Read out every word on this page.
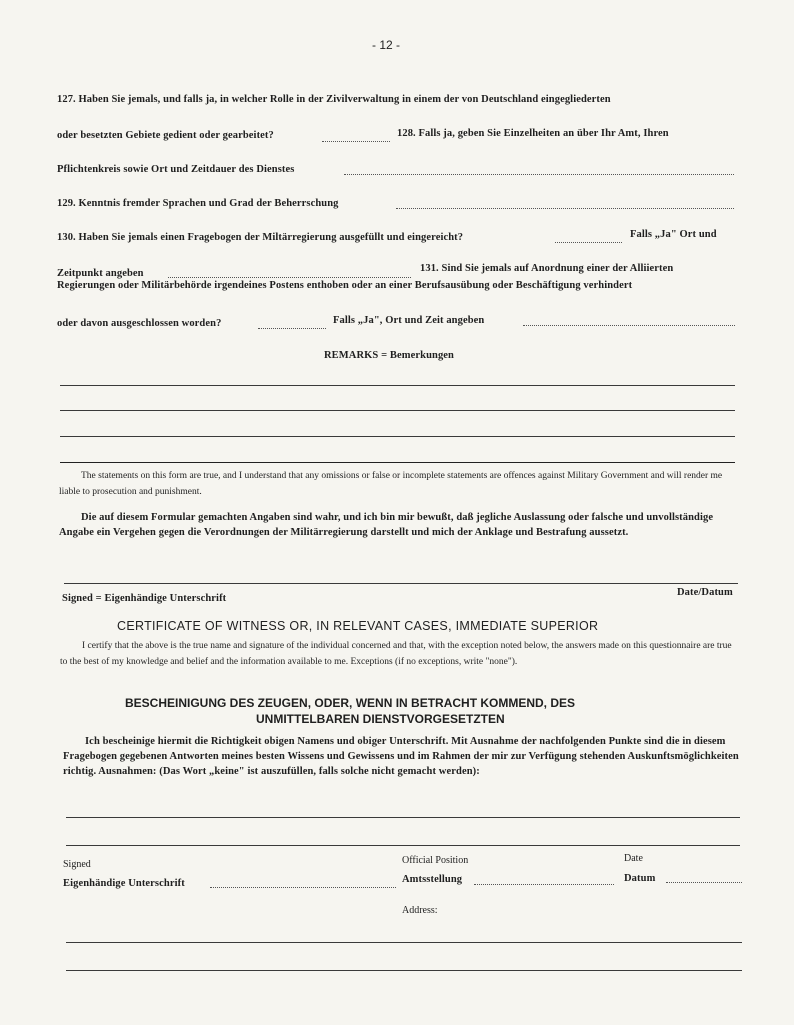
- 12 -
127. Haben Sie jemals, und falls ja, in welcher Rolle in der Zivilverwaltung in einem der von Deutschland eingegliederten
oder besetzten Gebiete gedient oder gearbeitet?	128. Falls ja, geben Sie Einzelheiten an über Ihr Amt, Ihren
Pflichtenkreis sowie Ort und Zeitdauer des Dienstes
129. Kenntnis fremder Sprachen und Grad der Beherrschung
130. Haben Sie jemals einen Fragebogen der Miltärregierung ausgefüllt und eingereicht?	Falls „Ja" Ort und
Zeitpunkt angeben	131. Sind Sie jemals auf Anordnung einer der Alliierten
Regierungen oder Militärbehörde irgendeines Postens enthoben oder an einer Berufsausübung oder Beschäftigung verhindert
oder davon ausgeschlossen worden?	Falls „Ja", Ort und Zeit angeben
REMARKS = Bemerkungen
The statements on this form are true, and I understand that any omissions or false or incomplete statements are offences against Military Government and will render me liable to prosecution and punishment.
Die auf diesem Formular gemachten Angaben sind wahr, und ich bin mir bewußt, daß jegliche Auslassung oder falsche und unvollständige Angabe ein Vergehen gegen die Verordnungen der Militärregierung darstellt und mich der Anklage und Bestrafung aussetzt.
Signed = Eigenhändige Unterschrift
Date/Datum
CERTIFICATE OF WITNESS OR, IN RELEVANT CASES, IMMEDIATE SUPERIOR
I certify that the above is the true name and signature of the individual concerned and that, with the exception noted below, the answers made on this questionnaire are true to the best of my knowledge and belief and the information available to me. Exceptions (if no exceptions, write "none").
BESCHEINIGUNG DES ZEUGEN, ODER, WENN IN BETRACHT KOMMEND, DES
UNMITTELBAREN DIENSTVORGESETZTEN
Ich bescheinige hiermit die Richtigkeit obigen Namens und obiger Unterschrift. Mit Ausnahme der nachfolgenden Punkte sind die in diesem Fragebogen gegebenen Antworten meines besten Wissens und Gewissens und im Rahmen der mir zur Verfügung stehenden Auskunftsmöglichkeiten richtig. Ausnahmen: (Das Wort „keine" ist auszufüllen, falls solche nicht gemacht werden):
Signed
Eigenhändige Unterschrift
Official Position
Amtsstellung
Date
Datum
Address:
